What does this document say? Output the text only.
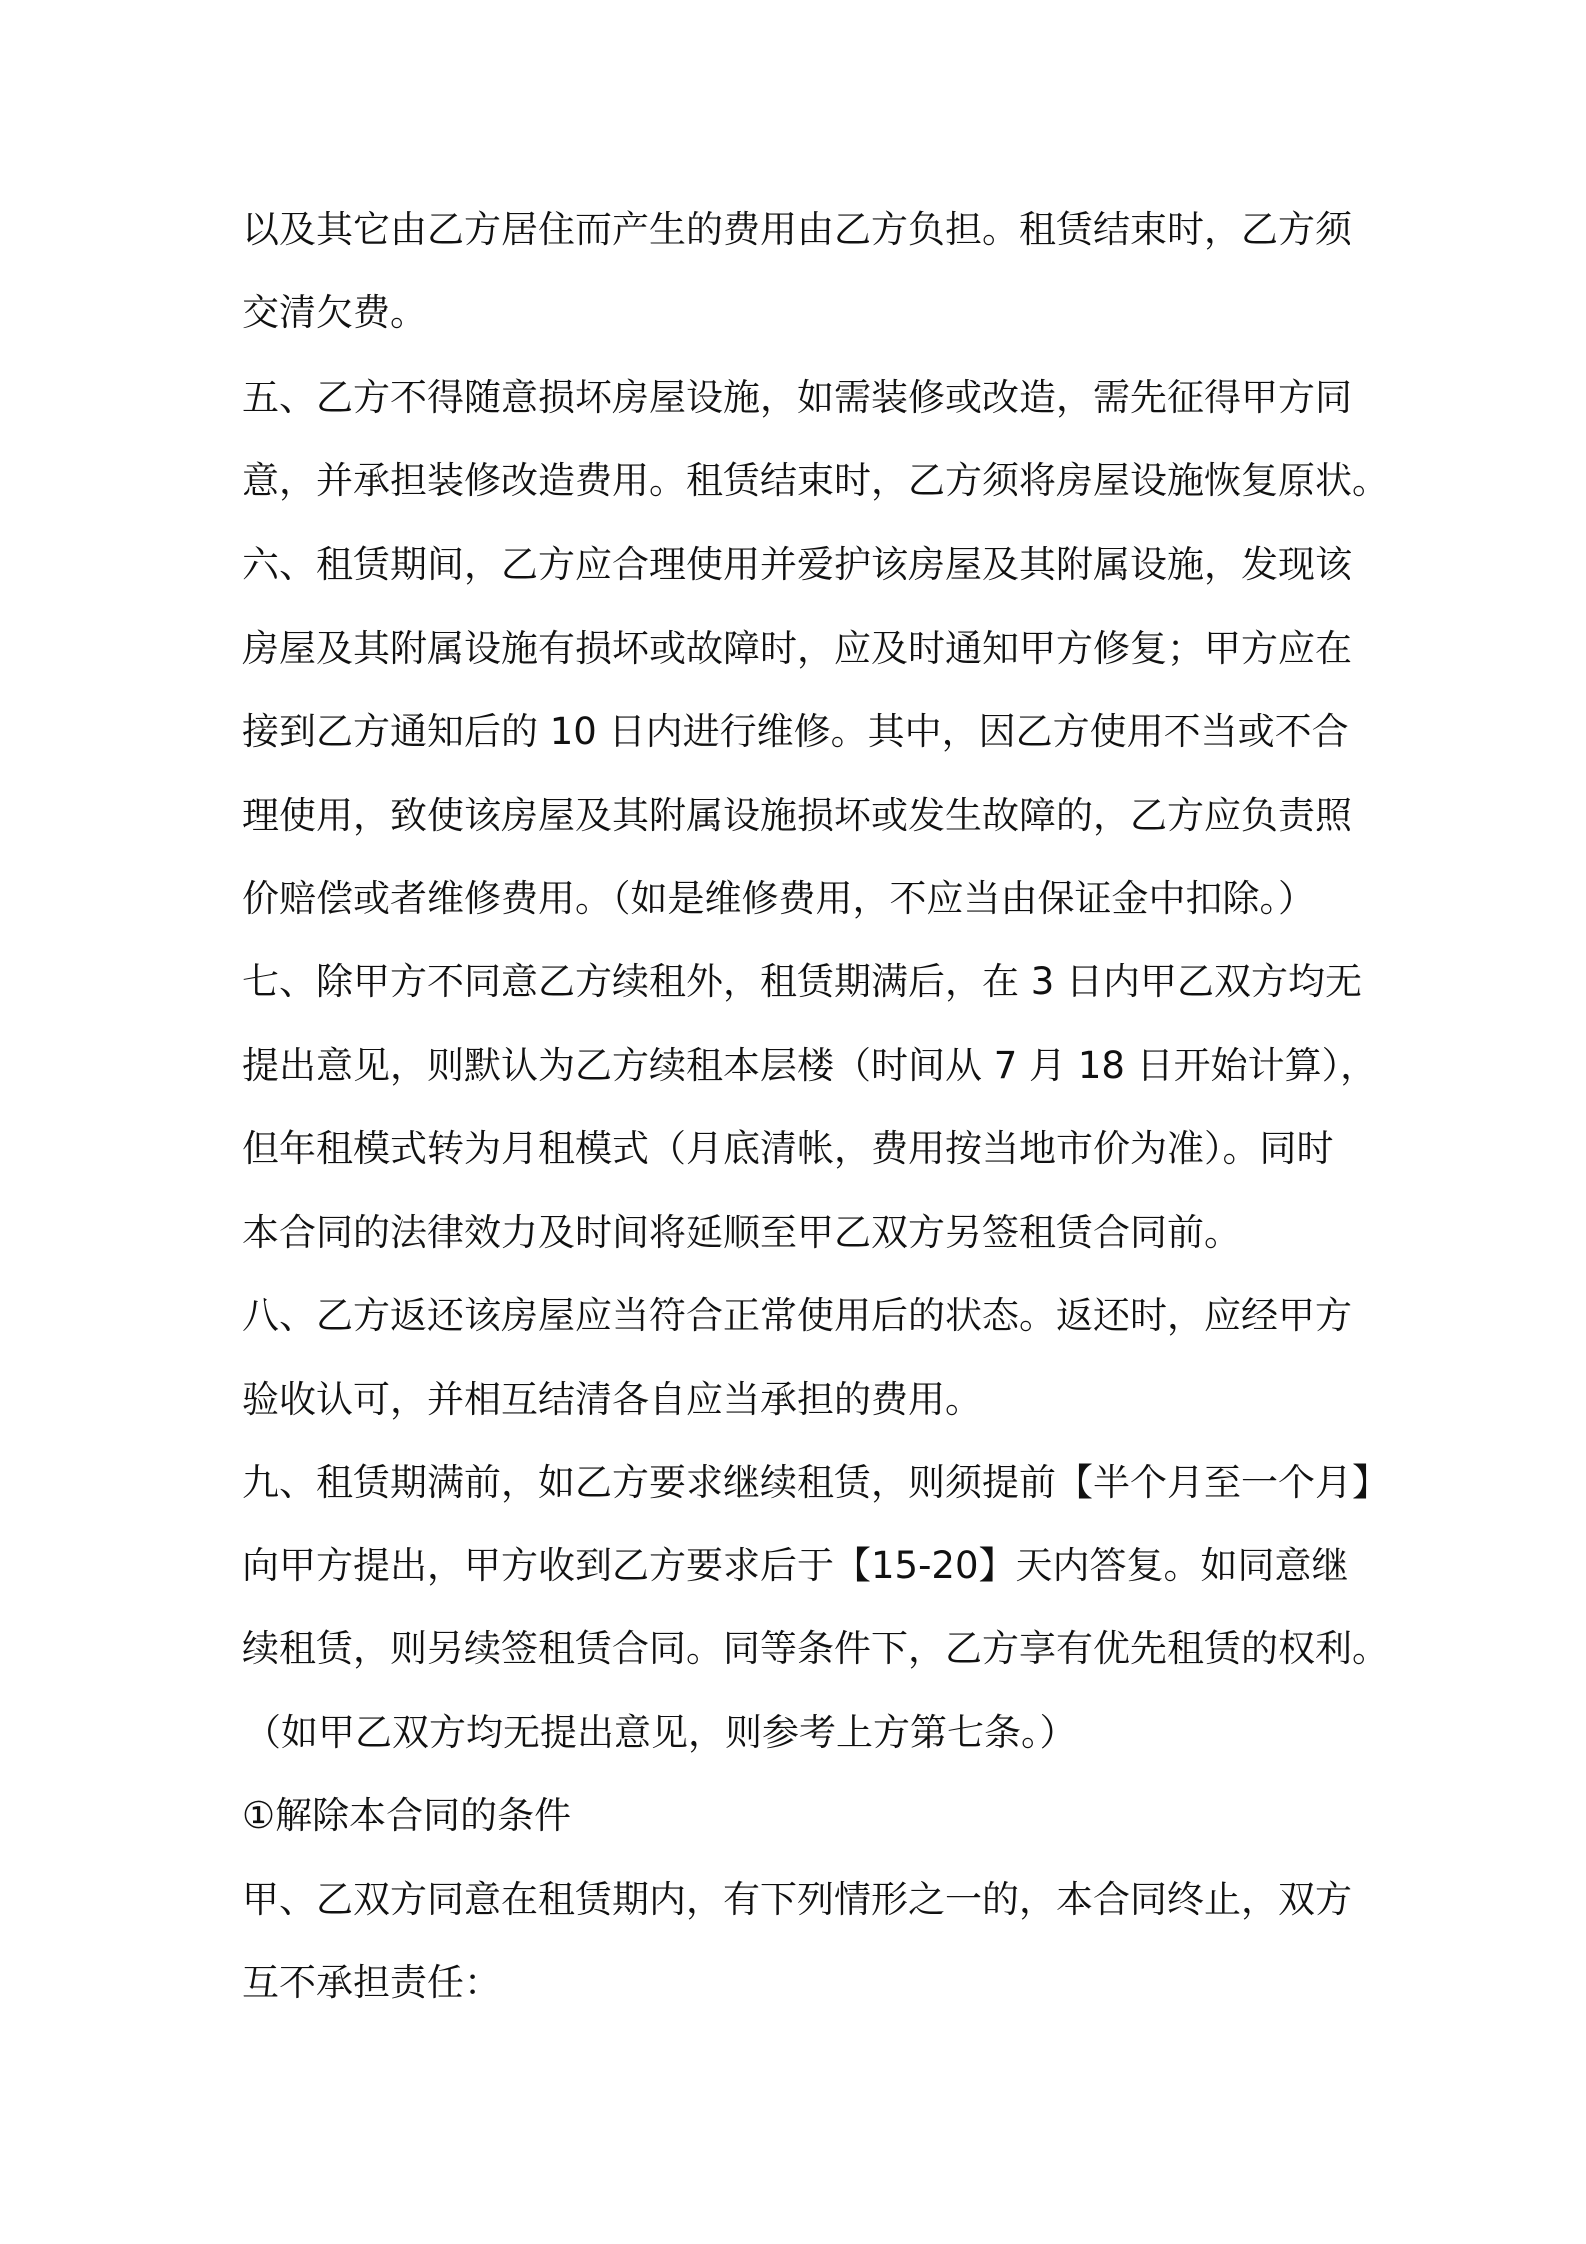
以及其它由乙方居住而产生的费用由乙方负担。租赁结束时，乙方须
交清欠费。
五、乙方不得随意损坏房屋设施，如需装修或改造，需先征得甲方同
意，并承担装修改造费用。租赁结束时，乙方须将房屋设施恢复原状。
六、租赁期间，乙方应合理使用并爱护该房屋及其附属设施，发现该
房屋及其附属设施有损坏或故障时，应及时通知甲方修复；甲方应在
接到乙方通知后的 10 日内进行维修。其中，因乙方使用不当或不合
理使用，致使该房屋及其附属设施损坏或发生故障的，乙方应负责照
价赔偿或者维修费用。（如是维修费用，不应当由保证金中扣除。）
七、除甲方不同意乙方续租外，租赁期满后，在 3 日内甲乙双方均无
提出意见，则默认为乙方续租本层楼（时间从 7 月 18 日开始计算），
但年租模式转为月租模式（月底清帐，费用按当地市价为准）。同时
本合同的法律效力及时间将延顺至甲乙双方另签租赁合同前。
八、乙方返还该房屋应当符合正常使用后的状态。返还时，应经甲方
验收认可，并相互结清各自应当承担的费用。
九、租赁期满前，如乙方要求继续租赁，则须提前【半个月至一个月】
向甲方提出，甲方收到乙方要求后于【15-20】天内答复。如同意继
续租赁，则另续签租赁合同。同等条件下，乙方享有优先租赁的权利。
（如甲乙双方均无提出意见，则参考上方第七条。）
①解除本合同的条件
甲、乙双方同意在租赁期内，有下列情形之一的，本合同终止，双方
互不承担责任：
